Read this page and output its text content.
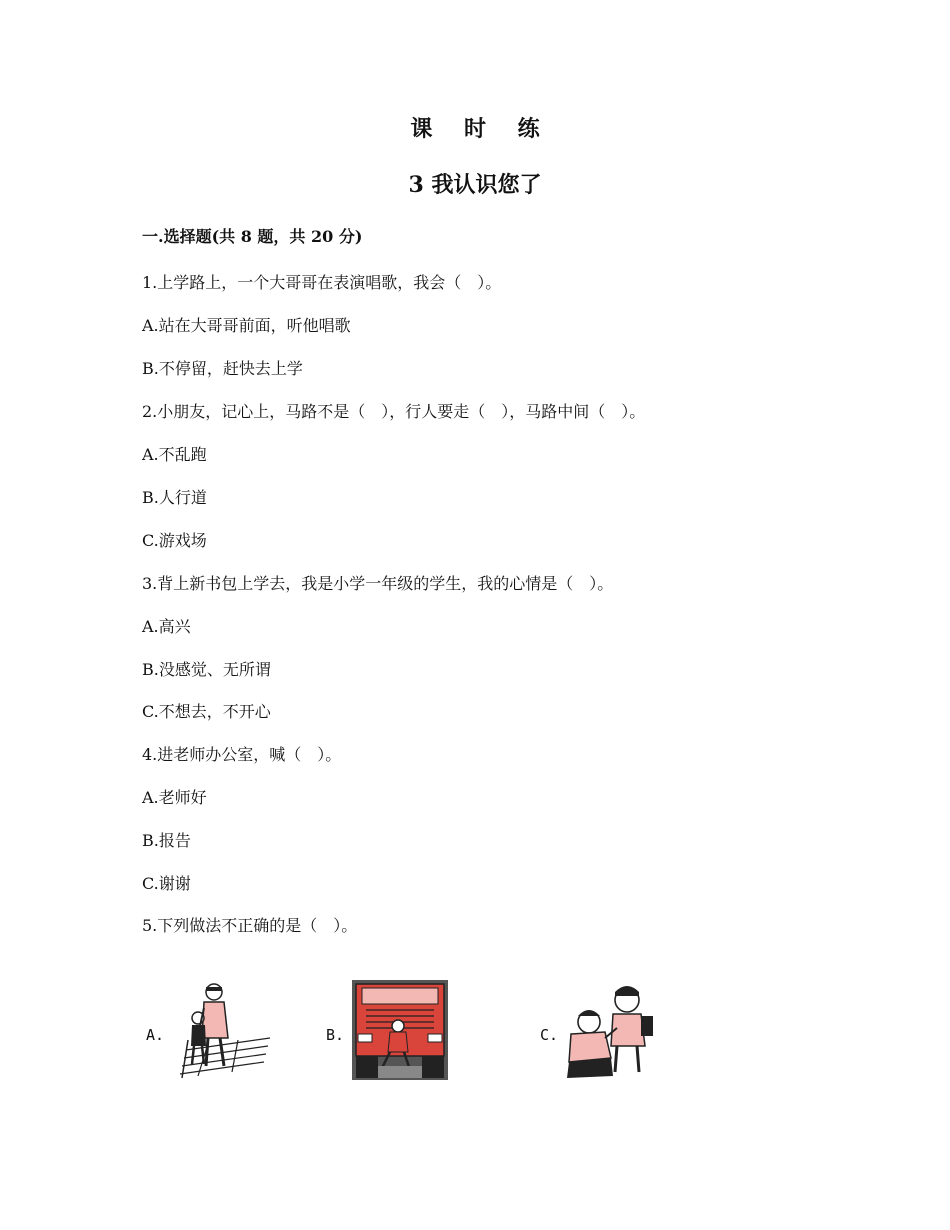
课 时 练
3 我认识您了
一.选择题(共 8 题，共 20 分)
1.上学路上，一个大哥哥在表演唱歌，我会（　）。
A.站在大哥哥前面，听他唱歌
B.不停留，赶快去上学
2.小朋友，记心上，马路不是（　），行人要走（　），马路中间（　）。
A.不乱跑
B.人行道
C.游戏场
3.背上新书包上学去，我是小学一年级的学生，我的心情是（　）。
A.高兴
B.没感觉、无所谓
C.不想去，不开心
4.进老师办公室，喊（　）。
A.老师好
B.报告
C.谢谢
5.下列做法不正确的是（　）。
A.	B.	C.
